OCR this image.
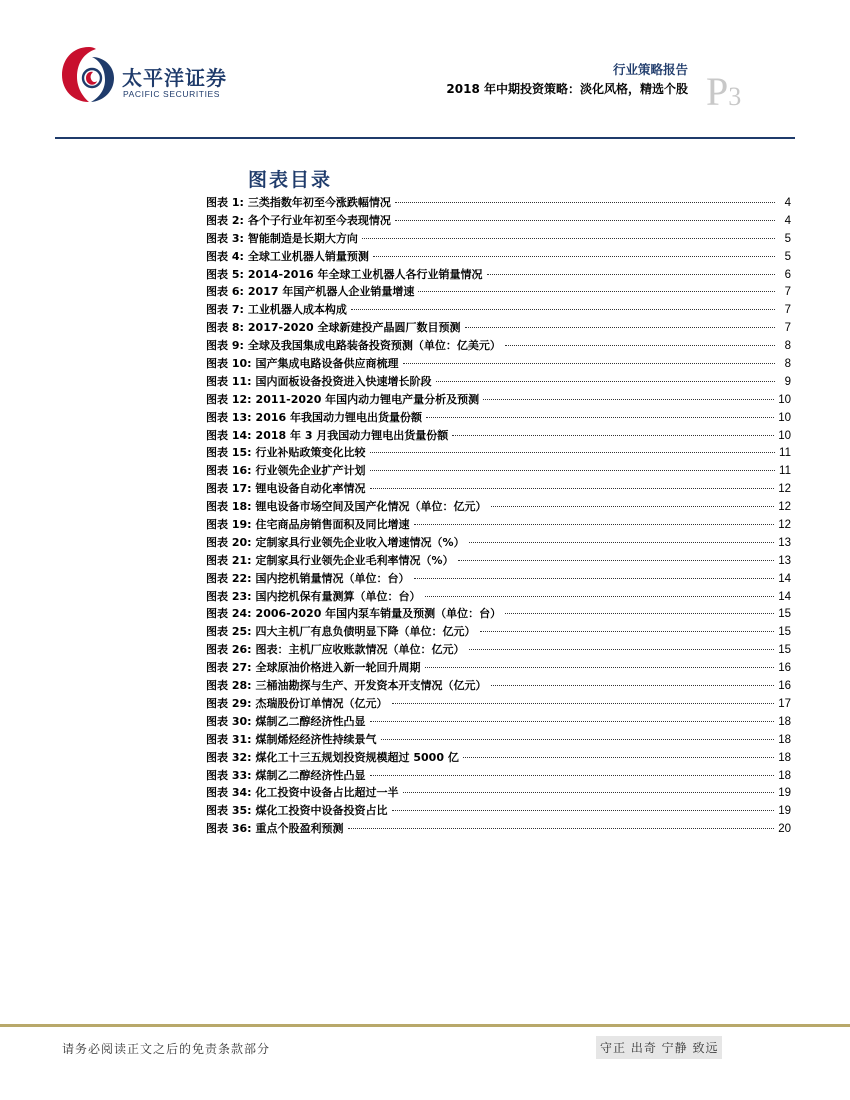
太平洋证券
PACIFIC SECURITIES
行业策略报告
2018 年中期投资策略：淡化风格，精选个股 P3
图表目录
图表 1: 三类指数年初至今涨跌幅情况	4
图表 2: 各个子行业年初至今表现情况	4
图表 3: 智能制造是长期大方向	5
图表 4: 全球工业机器人销量预测	5
图表 5: 2014-2016 年全球工业机器人各行业销量情况	6
图表 6: 2017 年国产机器人企业销量增速	7
图表 7: 工业机器人成本构成	7
图表 8: 2017-2020 全球新建投产晶圆厂数目预测	7
图表 9: 全球及我国集成电路装备投资预测（单位：亿美元）	8
图表 10: 国产集成电路设备供应商梳理	8
图表 11: 国内面板设备投资进入快速增长阶段	9
图表 12: 2011-2020 年国内动力锂电产量分析及预测	10
图表 13: 2016 年我国动力锂电出货量份额	10
图表 14: 2018 年 3 月我国动力锂电出货量份额	10
图表 15: 行业补贴政策变化比较	11
图表 16: 行业领先企业扩产计划	11
图表 17: 锂电设备自动化率情况	12
图表 18: 锂电设备市场空间及国产化情况（单位：亿元）	12
图表 19: 住宅商品房销售面积及同比增速	12
图表 20: 定制家具行业领先企业收入增速情况（%）	13
图表 21: 定制家具行业领先企业毛利率情况（%）	13
图表 22: 国内挖机销量情况（单位：台）	14
图表 23: 国内挖机保有量测算（单位：台）	14
图表 24: 2006-2020 年国内泵车销量及预测（单位：台）	15
图表 25: 四大主机厂有息负债明显下降（单位：亿元）	15
图表 26: 图表：主机厂应收账款情况（单位：亿元）	15
图表 27: 全球原油价格进入新一轮回升周期	16
图表 28: 三桶油勘探与生产、开发资本开支情况（亿元）	16
图表 29: 杰瑞股份订单情况（亿元）	17
图表 30: 煤制乙二醇经济性凸显	18
图表 31: 煤制烯烃经济性持续景气	18
图表 32: 煤化工十三五规划投资规模超过 5000 亿	18
图表 33: 煤制乙二醇经济性凸显	18
图表 34: 化工投资中设备占比超过一半	19
图表 35: 煤化工投资中设备投资占比	19
图表 36: 重点个股盈利预测	20
请务必阅读正文之后的免责条款部分	守正 出奇 宁静 致远
